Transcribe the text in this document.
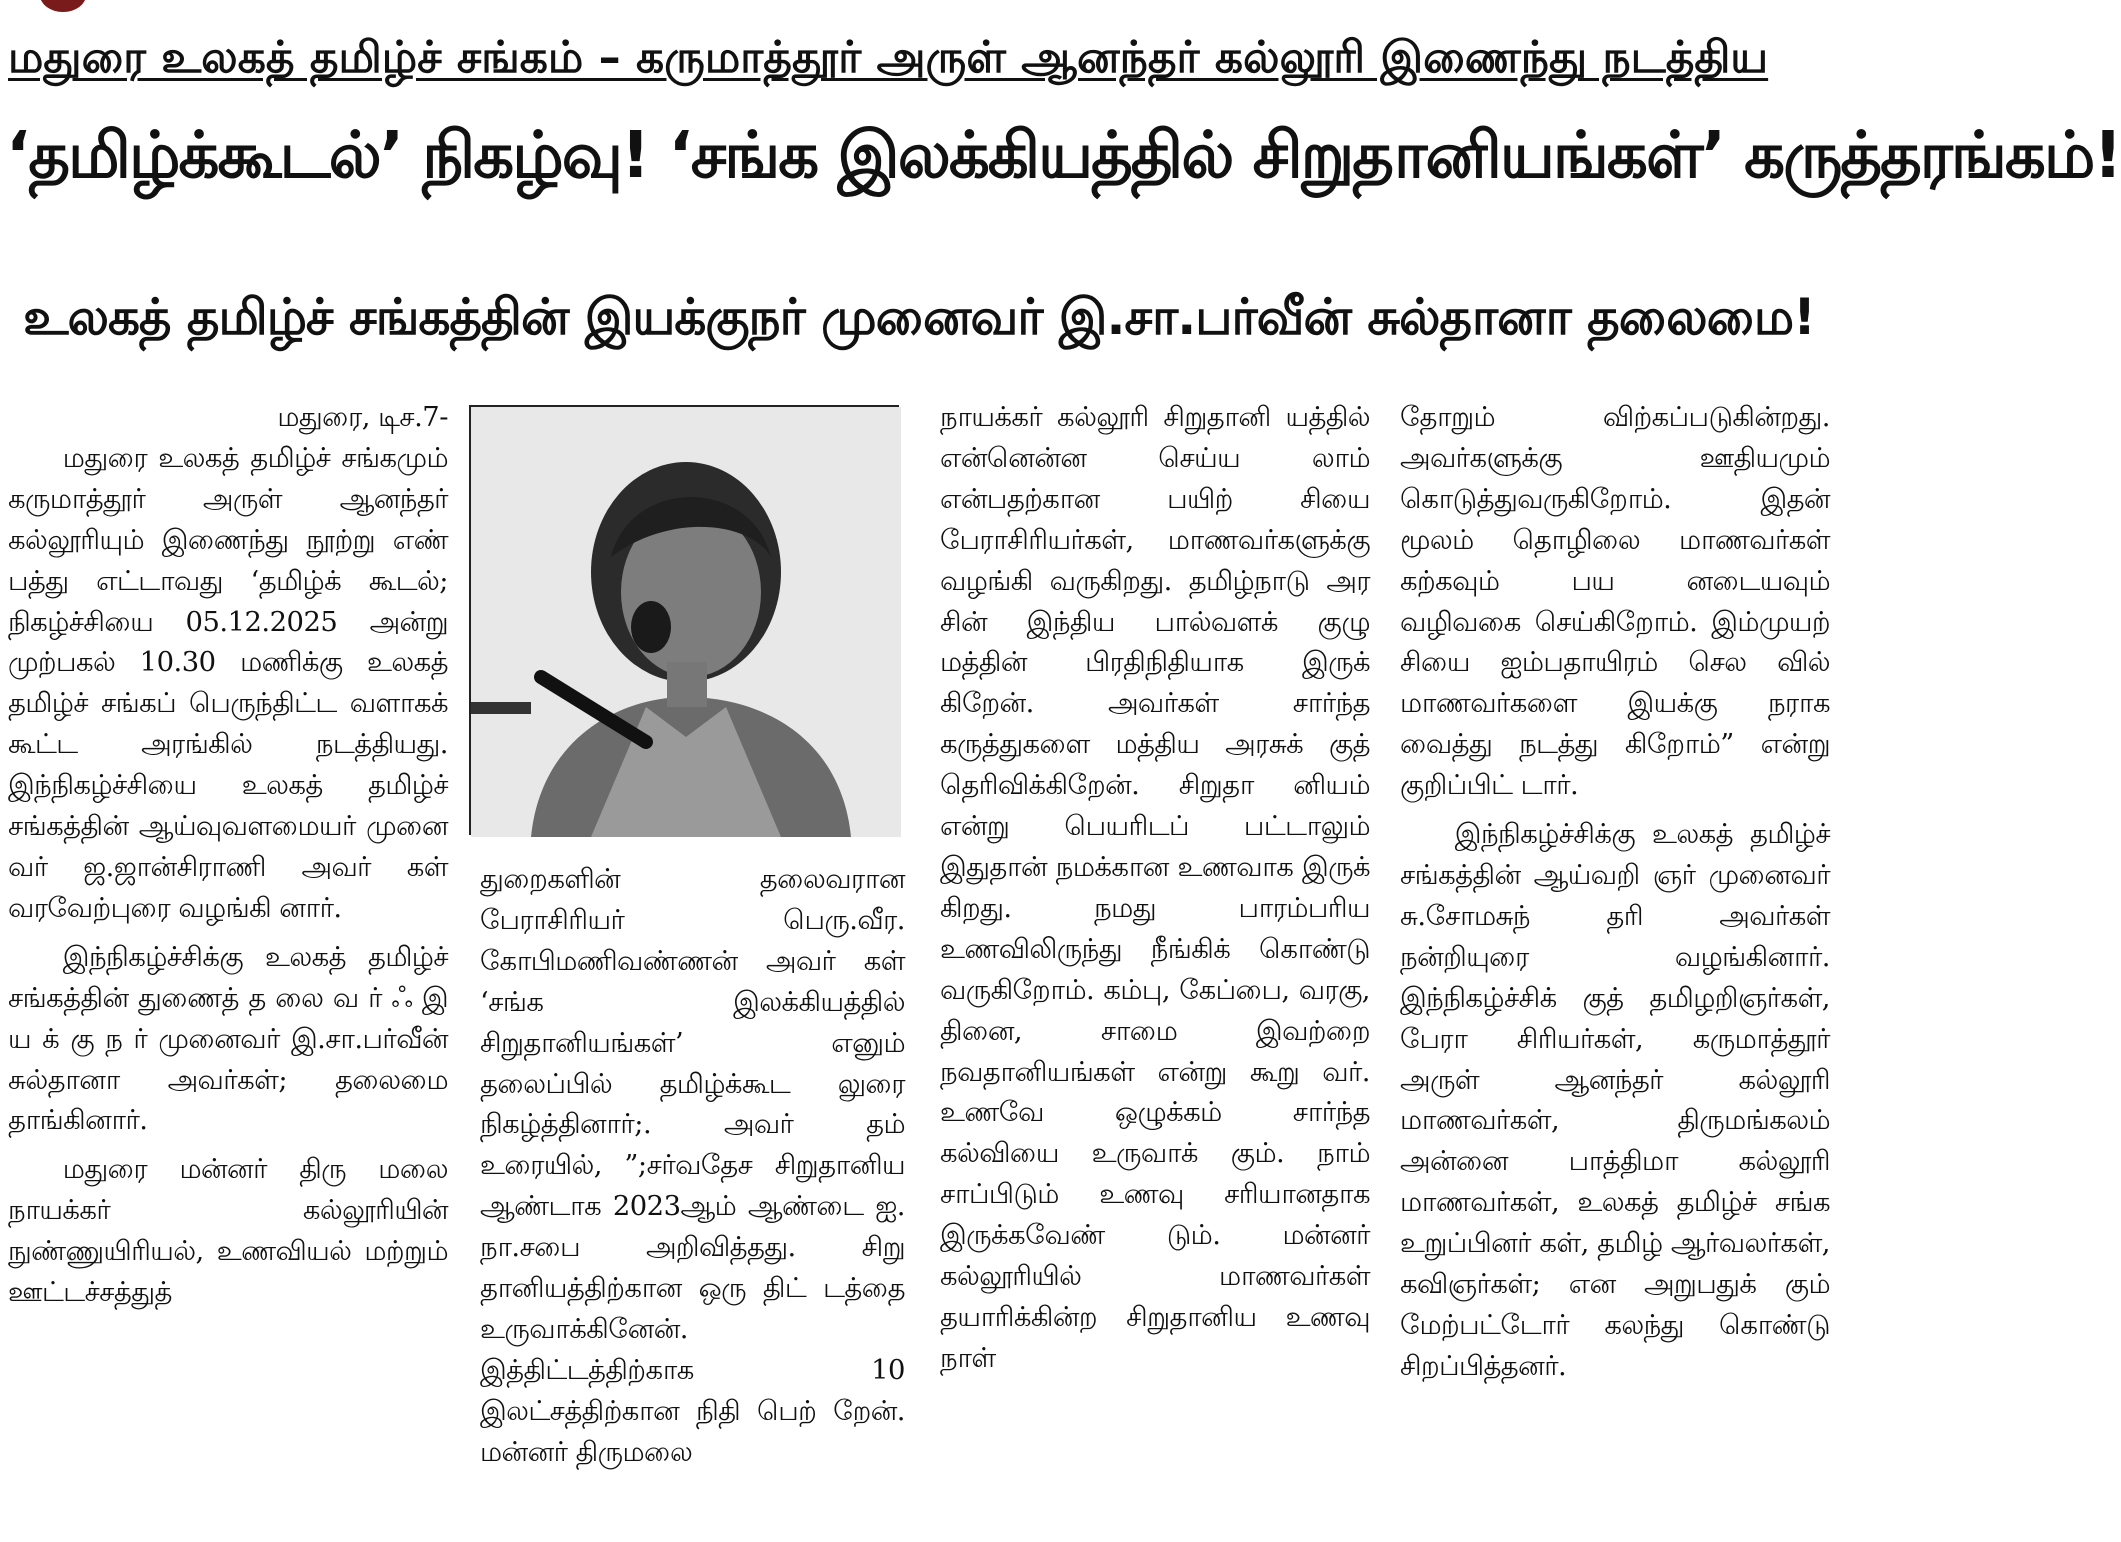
மதுரை உலகத் தமிழ்ச் சங்கம் – கருமாத்தூர் அருள் ஆனந்தர் கல்லூரி இணைந்து நடத்திய
‘தமிழ்க்கூடல்’ நிகழ்வு! ‘சங்க இலக்கியத்தில் சிறுதானியங்கள்’ கருத்தரங்கம்!
உலகத் தமிழ்ச் சங்கத்தின் இயக்குநர் முனைவர் இ.சா.பர்வீன் சுல்தானா தலைமை!

மதுரை, டிச.7-

மதுரை உலகத் தமிழ்ச் சங்கமும் கருமாத்தூர் அருள் ஆனந்தர் கல்லூரியும் இணைந்து நூற்று எண் பத்து எட்டாவது ‘தமிழ்க் கூடல்; நிகழ்ச்சியை 05.12.2025 அன்று முற்பகல் 10.30 மணிக்கு உலகத் தமிழ்ச் சங்கப் பெருந்திட்ட வளாகக் கூட்ட அரங்கில் நடத்தியது. இந்நிகழ்ச்சியை உலகத் தமிழ்ச் சங்கத்தின் ஆய்வுவளமையர் முனை வர் ஜ.ஜான்சிராணி அவர் கள் வரவேற்புரை வழங்கி னார்.

இந்நிகழ்ச்சிக்கு உலகத் தமிழ்ச் சங்கத்தின் துணைத் த லை வ ர் ஃ இ ய க் கு ந ர் முனைவர் இ.சா.பர்வீன் சுல்தானா அவர்கள்; தலைமை தாங்கினார்.

மதுரை மன்னர் திரு மலை நாயக்கர் கல்லூரியின் நுண்ணுயிரியல், உணவியல் மற்றும் ஊட்டச்சத்துத்

துறைகளின் தலைவரான பேராசிரியர் பெரு.வீர. கோபிமணிவண்ணன் அவர் கள் ‘சங்க இலக்கியத்தில் சிறுதானியங்கள்’ எனும் தலைப்பில் தமிழ்க்கூட லுரை நிகழ்த்தினார்;. அவர் தம் உரையில், ”;சர்வதேச சிறுதானிய ஆண்டாக 2023ஆம் ஆண்டை ஐ. நா.சபை அறிவித்தது. சிறு தானியத்திற்கான ஒரு திட் டத்தை உருவாக்கினேன். இத்திட்டத்திற்காக 10 இலட்சத்திற்கான நிதி பெற் றேன். மன்னர் திருமலை

நாயக்கர் கல்லூரி சிறுதானி யத்தில் என்னென்ன செய்ய லாம் என்பதற்கான பயிற் சியை பேராசிரியர்கள், மாணவர்களுக்கு வழங்கி வருகிறது. தமிழ்நாடு அர சின் இந்திய பால்வளக் குழு மத்தின் பிரதிநிதியாக இருக் கிறேன். அவர்கள் சார்ந்த கருத்துகளை மத்திய அரசுக் குத் தெரிவிக்கிறேன். சிறுதா னியம் என்று பெயரிடப் பட்டாலும் இதுதான் நமக்கான உணவாக இருக் கிறது. நமது பாரம்பரிய உணவிலிருந்து நீங்கிக் கொண்டு வருகிறோம். கம்பு, கேப்பை, வரகு, தினை, சாமை இவற்றை நவதானியங்கள் என்று கூறு வர். உணவே ஒழுக்கம் சார்ந்த கல்வியை உருவாக் கும். நாம் சாப்பிடும் உணவு சரியானதாக இருக்கவேண் டும். மன்னர் கல்லூரியில் மாணவர்கள் தயாரிக்கின்ற சிறுதானிய உணவு நாள்

தோறும் விற்கப்படுகின்றது. அவர்களுக்கு ஊதியமும் கொடுத்துவருகிறோம். இதன் மூலம் தொழிலை மாணவர்கள் கற்கவும் பய னடையவும் வழிவகை செய்கிறோம். இம்முயற் சியை ஐம்பதாயிரம் செல வில் மாணவர்களை இயக்கு நராக வைத்து நடத்து கிறோம்” என்று குறிப்பிட் டார்.

இந்நிகழ்ச்சிக்கு உலகத் தமிழ்ச் சங்கத்தின் ஆய்வறி ஞர் முனைவர் சு.சோமசுந் தரி அவர்கள் நன்றியுரை வழங்கினார். இந்நிகழ்ச்சிக் குத் தமிழறிஞர்கள், பேரா சிரியர்கள், கருமாத்தூர் அருள் ஆனந்தர் கல்லூரி மாணவர்கள், திருமங்கலம் அன்னை பாத்திமா கல்லூரி மாணவர்கள், உலகத் தமிழ்ச் சங்க உறுப்பினர் கள், தமிழ் ஆர்வலர்கள், கவிஞர்கள்; என அறுபதுக் கும் மேற்பட்டோர் கலந்து கொண்டு சிறப்பித்தனர்.
